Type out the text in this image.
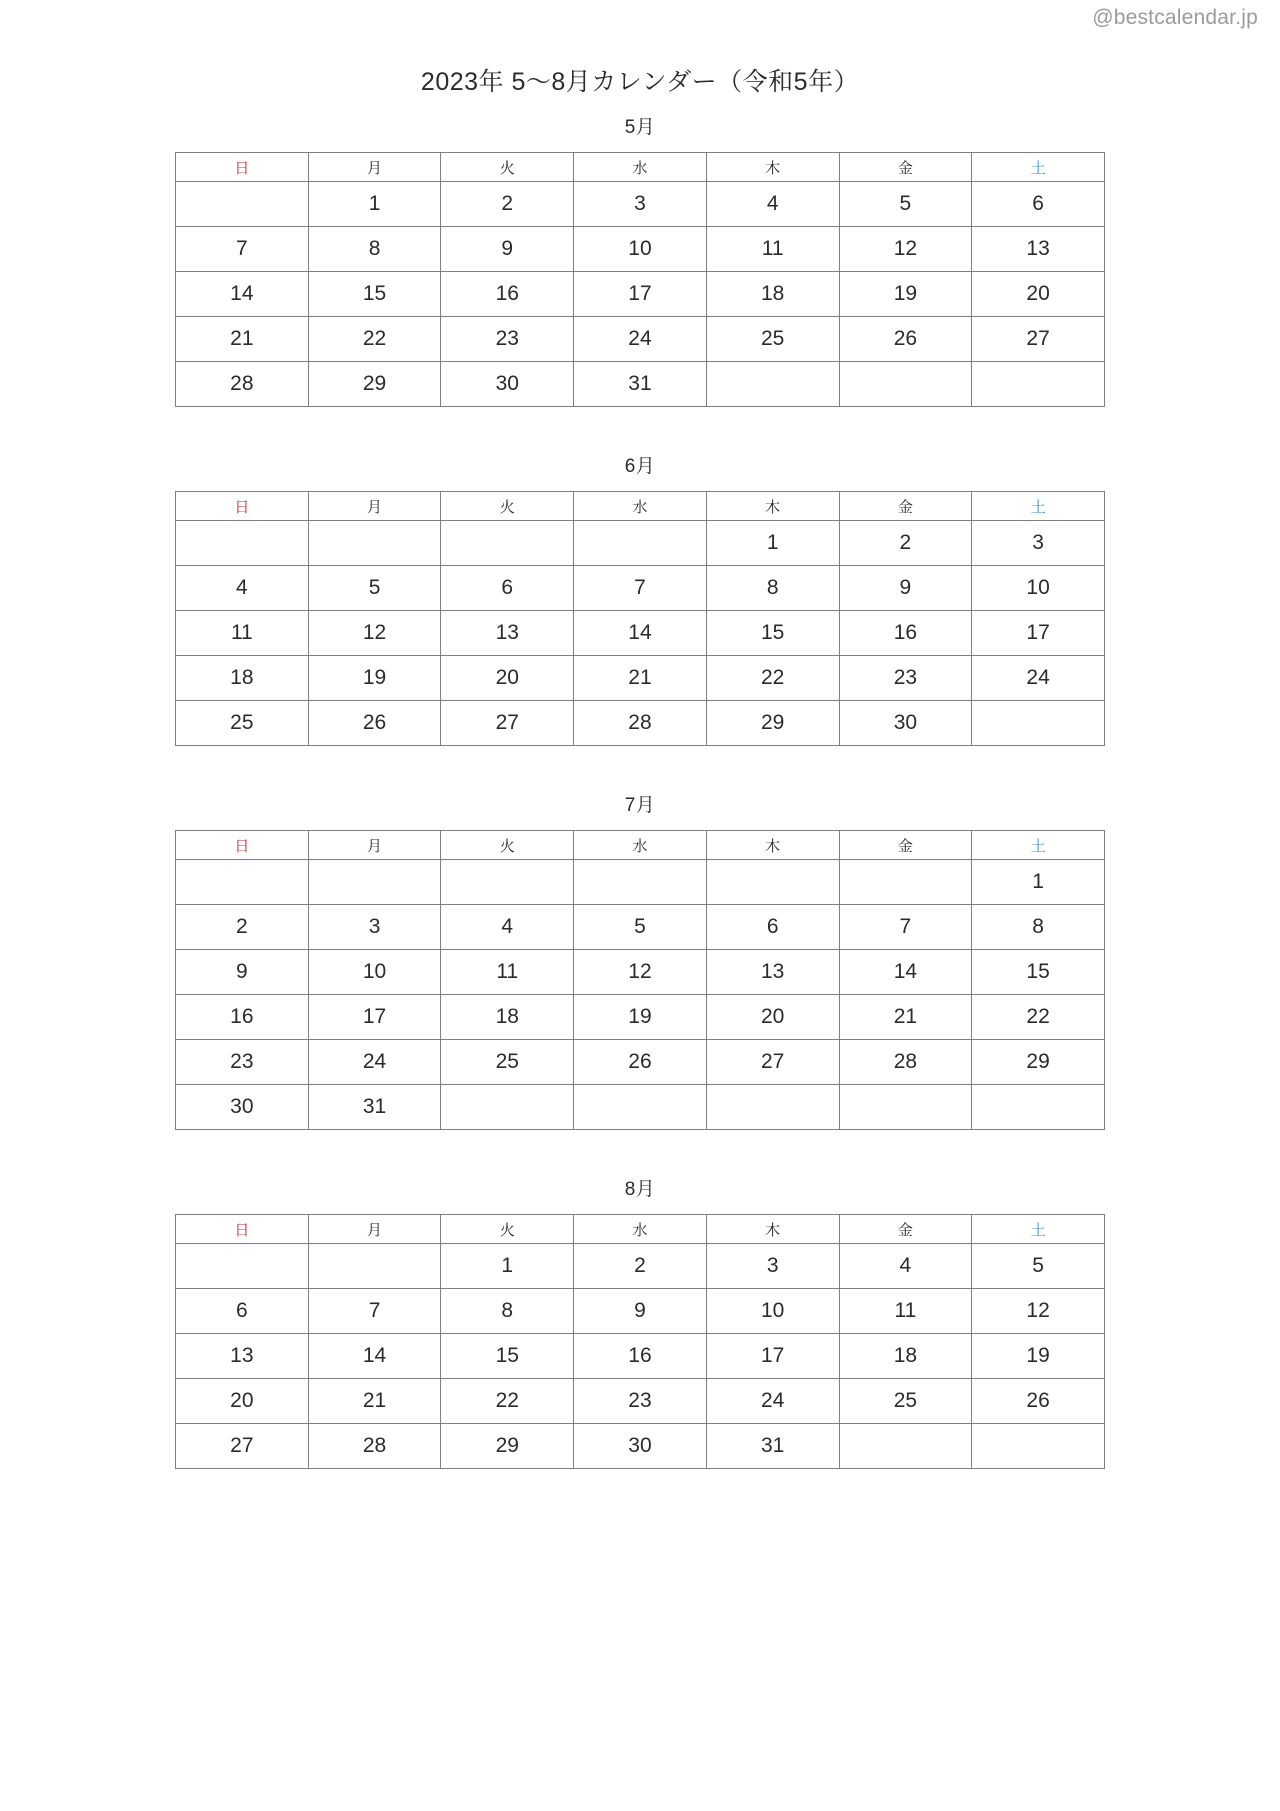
@bestcalendar.jp
2023年 5～8月カレンダー（令和5年）
5月
日	月	火	水	木	金	土
	1	2	3	4	5	6
7	8	9	10	11	12	13
14	15	16	17	18	19	20
21	22	23	24	25	26	27
28	29	30	31			
6月
日	月	火	水	木	金	土
				1	2	3
4	5	6	7	8	9	10
11	12	13	14	15	16	17
18	19	20	21	22	23	24
25	26	27	28	29	30	
7月
日	月	火	水	木	金	土
						1
2	3	4	5	6	7	8
9	10	11	12	13	14	15
16	17	18	19	20	21	22
23	24	25	26	27	28	29
30	31					
8月
日	月	火	水	木	金	土
		1	2	3	4	5
6	7	8	9	10	11	12
13	14	15	16	17	18	19
20	21	22	23	24	25	26
27	28	29	30	31		
